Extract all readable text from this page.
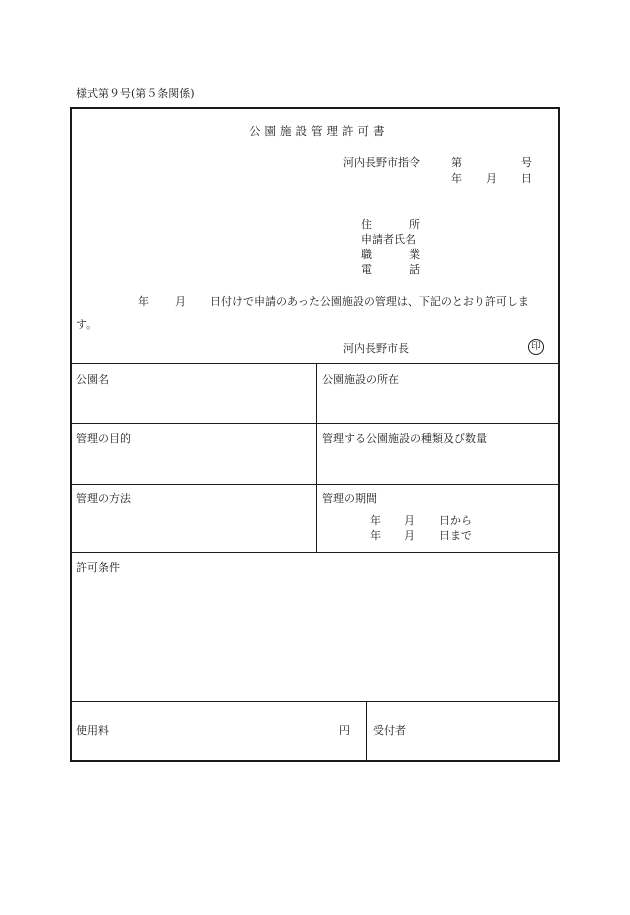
様式第９号(第５条関係)
公園施設管理許可書
河内長野市指令	第	号
年 月 日
住	所
申請者氏名
職	業
電	話
年 月 日付けで申請のあった公園施設の管理は、下記のとおり許可しま
す。
河内長野市長	印
公園名	公園施設の所在
管理の目的	管理する公園施設の種類及び数量
管理の方法	管理の期間
年 月 日から
年 月 日まで
許可条件
使用料	円 受付者
